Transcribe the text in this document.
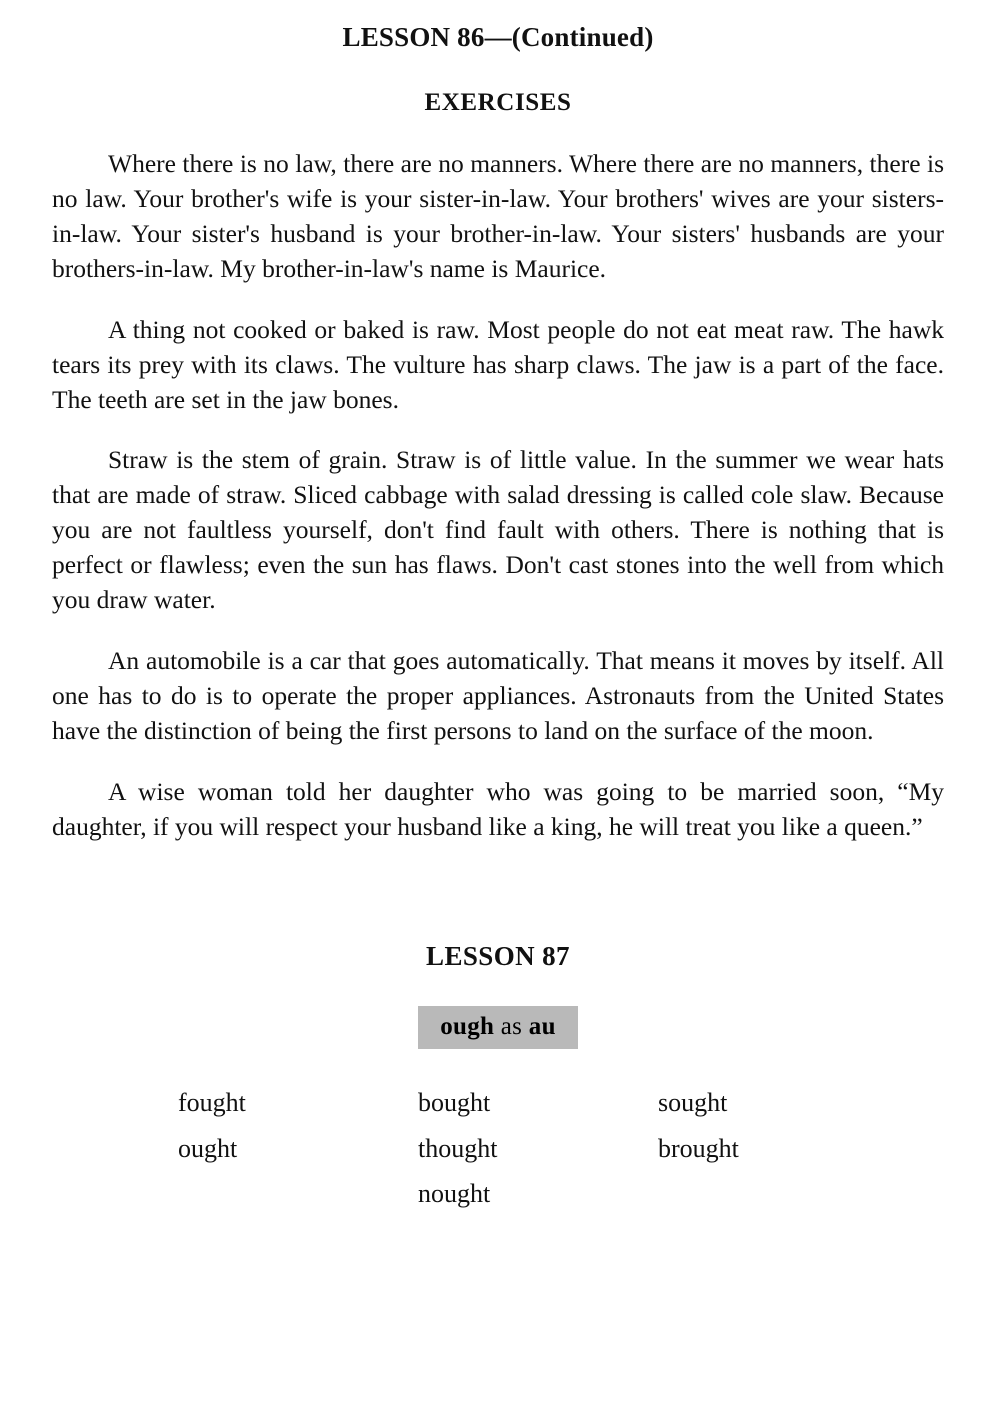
LESSON 86—(Continued)
EXERCISES

Where there is no law, there are no manners. Where there are no manners, there is no law. Your brother's wife is your sister-in-law. Your brothers' wives are your sisters-in-law. Your sister's husband is your brother-in-law. Your sisters' husbands are your brothers-in-law. My brother-in-law's name is Maurice.

A thing not cooked or baked is raw. Most people do not eat meat raw. The hawk tears its prey with its claws. The vulture has sharp claws. The jaw is a part of the face. The teeth are set in the jaw bones.

Straw is the stem of grain. Straw is of little value. In the summer we wear hats that are made of straw. Sliced cabbage with salad dressing is called cole slaw. Because you are not faultless yourself, don't find fault with others. There is nothing that is perfect or flawless; even the sun has flaws. Don't cast stones into the well from which you draw water.

An automobile is a car that goes automatically. That means it moves by itself. All one has to do is to operate the proper appliances. Astronauts from the United States have the distinction of being the first persons to land on the surface of the moon.

A wise woman told her daughter who was going to be married soon, “My daughter, if you will respect your husband like a king, he will treat you like a queen.”

LESSON 87
ough as au
fought	bought	sought
ought	thought	brought
nought
